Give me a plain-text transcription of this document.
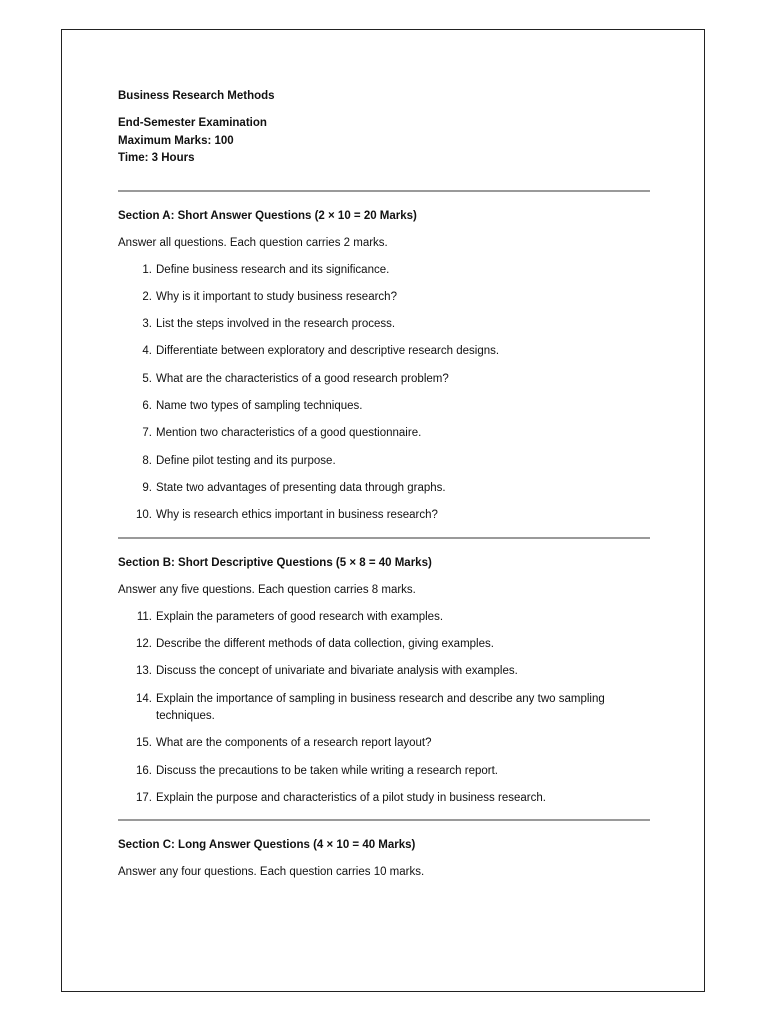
Business Research Methods
End-Semester Examination
Maximum Marks: 100
Time: 3 Hours
Section A: Short Answer Questions (2 × 10 = 20 Marks)
Answer all questions. Each question carries 2 marks.
1. Define business research and its significance.
2. Why is it important to study business research?
3. List the steps involved in the research process.
4. Differentiate between exploratory and descriptive research designs.
5. What are the characteristics of a good research problem?
6. Name two types of sampling techniques.
7. Mention two characteristics of a good questionnaire.
8. Define pilot testing and its purpose.
9. State two advantages of presenting data through graphs.
10. Why is research ethics important in business research?
Section B: Short Descriptive Questions (5 × 8 = 40 Marks)
Answer any five questions. Each question carries 8 marks.
11. Explain the parameters of good research with examples.
12. Describe the different methods of data collection, giving examples.
13. Discuss the concept of univariate and bivariate analysis with examples.
14. Explain the importance of sampling in business research and describe any two sampling techniques.
15. What are the components of a research report layout?
16. Discuss the precautions to be taken while writing a research report.
17. Explain the purpose and characteristics of a pilot study in business research.
Section C: Long Answer Questions (4 × 10 = 40 Marks)
Answer any four questions. Each question carries 10 marks.
